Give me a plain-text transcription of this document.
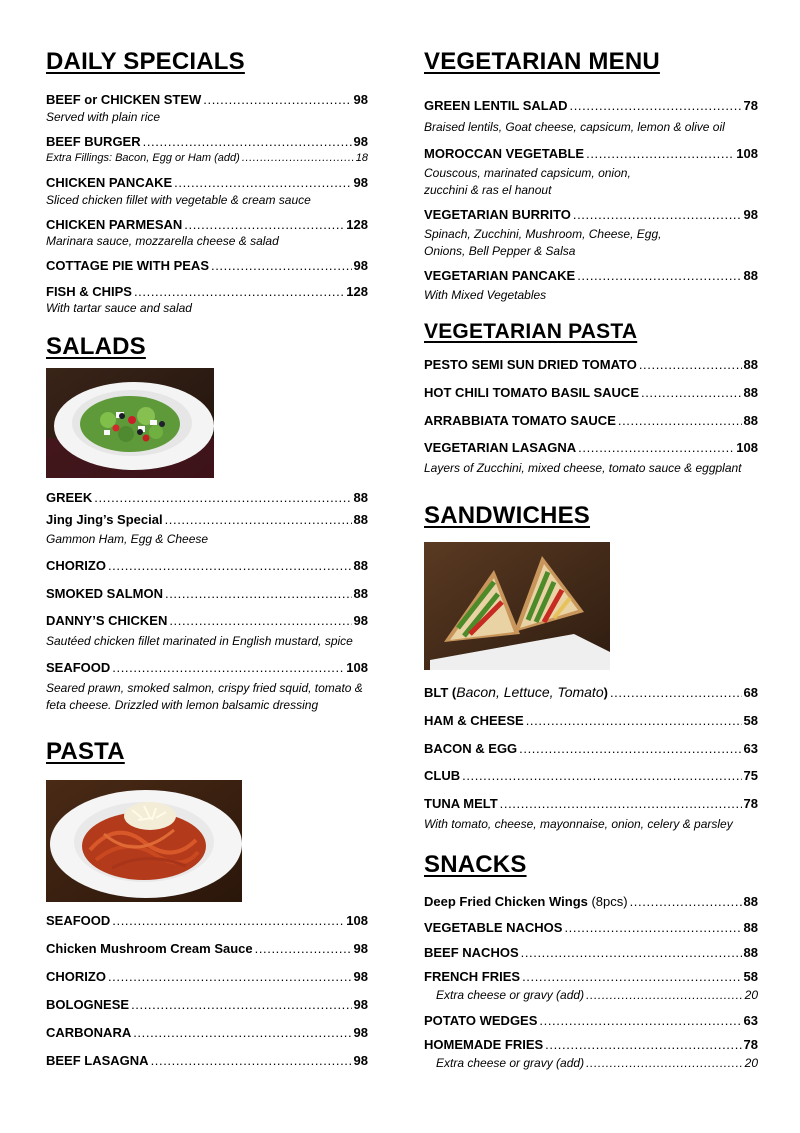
DAILY SPECIALS
BEEF or CHICKEN STEW .....	98
Served with plain rice
BEEF BURGER .....	98
Extra Fillings: Bacon, Egg or Ham (add) .....	18
CHICKEN PANCAKE .....	98
Sliced chicken fillet with vegetable & cream sauce
CHICKEN PARMESAN .....	128
Marinara sauce, mozzarella cheese & salad
COTTAGE PIE WITH PEAS .....	98
FISH & CHIPS .....	128
With tartar sauce and salad
SALADS
GREEK .....	88
Jing Jing’s Special .....	88
Gammon Ham, Egg & Cheese
CHORIZO .....	88
SMOKED SALMON .....	88
DANNY’S CHICKEN .....	98
Sautéed chicken fillet marinated in English mustard, spice
SEAFOOD .....	108
Seared prawn, smoked salmon, crispy fried squid, tomato &
feta cheese. Drizzled with lemon balsamic dressing
PASTA
SEAFOOD .....	108
Chicken Mushroom Cream Sauce .....	98
CHORIZO .....	98
BOLOGNESE .....	98
CARBONARA .....	98
BEEF LASAGNA .....	98
VEGETARIAN MENU
GREEN LENTIL SALAD .....	78
Braised lentils, Goat cheese, capsicum, lemon & olive oil
MOROCCAN VEGETABLE .....	108
Couscous, marinated capsicum, onion,
zucchini & ras el hanout
VEGETARIAN BURRITO .....	98
Spinach, Zucchini, Mushroom, Cheese, Egg,
Onions, Bell Pepper & Salsa
VEGETARIAN PANCAKE .....	88
With Mixed Vegetables
VEGETARIAN PASTA
PESTO SEMI SUN DRIED TOMATO .....	88
HOT CHILI TOMATO BASIL SAUCE .....	88
ARRABBIATA TOMATO SAUCE .....	88
VEGETARIAN LASAGNA .....	108
Layers of Zucchini, mixed cheese, tomato sauce & eggplant
SANDWICHES
BLT (Bacon, Lettuce, Tomato) .....	68
HAM & CHEESE .....	58
BACON & EGG .....	63
CLUB .....	75
TUNA MELT .....	78
With tomato, cheese, mayonnaise, onion, celery & parsley
SNACKS
Deep Fried Chicken Wings (8pcs) .....	88
VEGETABLE NACHOS .....	88
BEEF NACHOS .....	88
FRENCH FRIES .....	58
Extra cheese or gravy (add) .....	20
POTATO WEDGES .....	63
HOMEMADE FRIES .....	78
Extra cheese or gravy (add) .....	20
